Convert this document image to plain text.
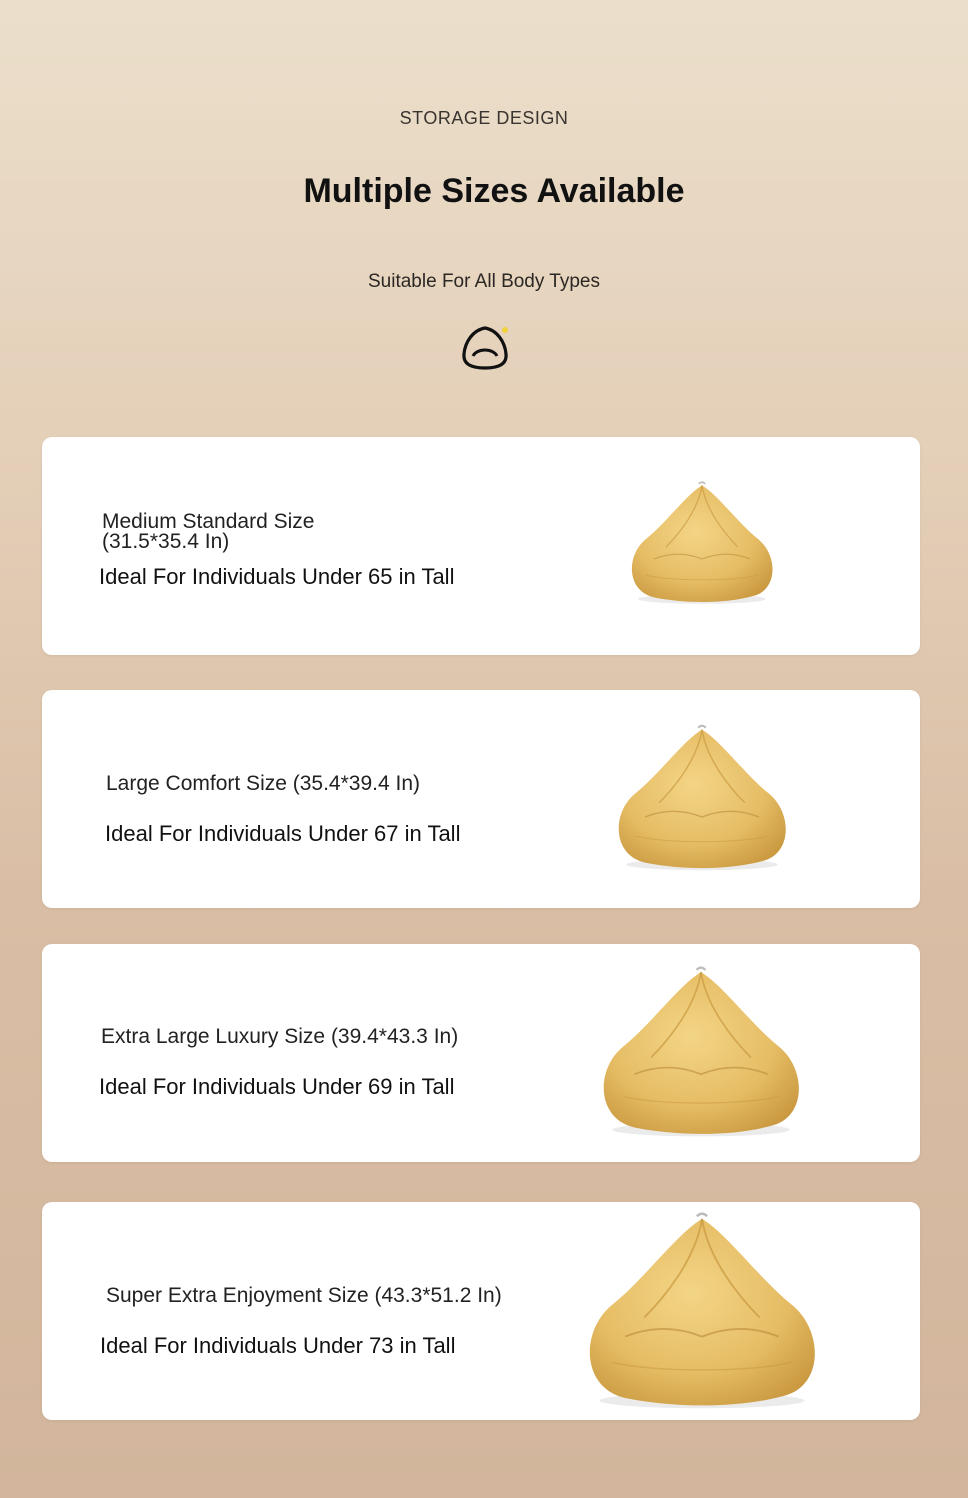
STORAGE DESIGN
Multiple Sizes Available
Suitable For All Body Types
Medium Standard Size
(31.5*35.4 In)
Ideal For Individuals Under 65 in Tall
Large Comfort Size (35.4*39.4 In)
Ideal For Individuals Under 67 in Tall
Extra Large Luxury Size (39.4*43.3 In)
Ideal For Individuals Under 69 in Tall
Super Extra Enjoyment Size (43.3*51.2 In)
Ideal For Individuals Under 73 in Tall
